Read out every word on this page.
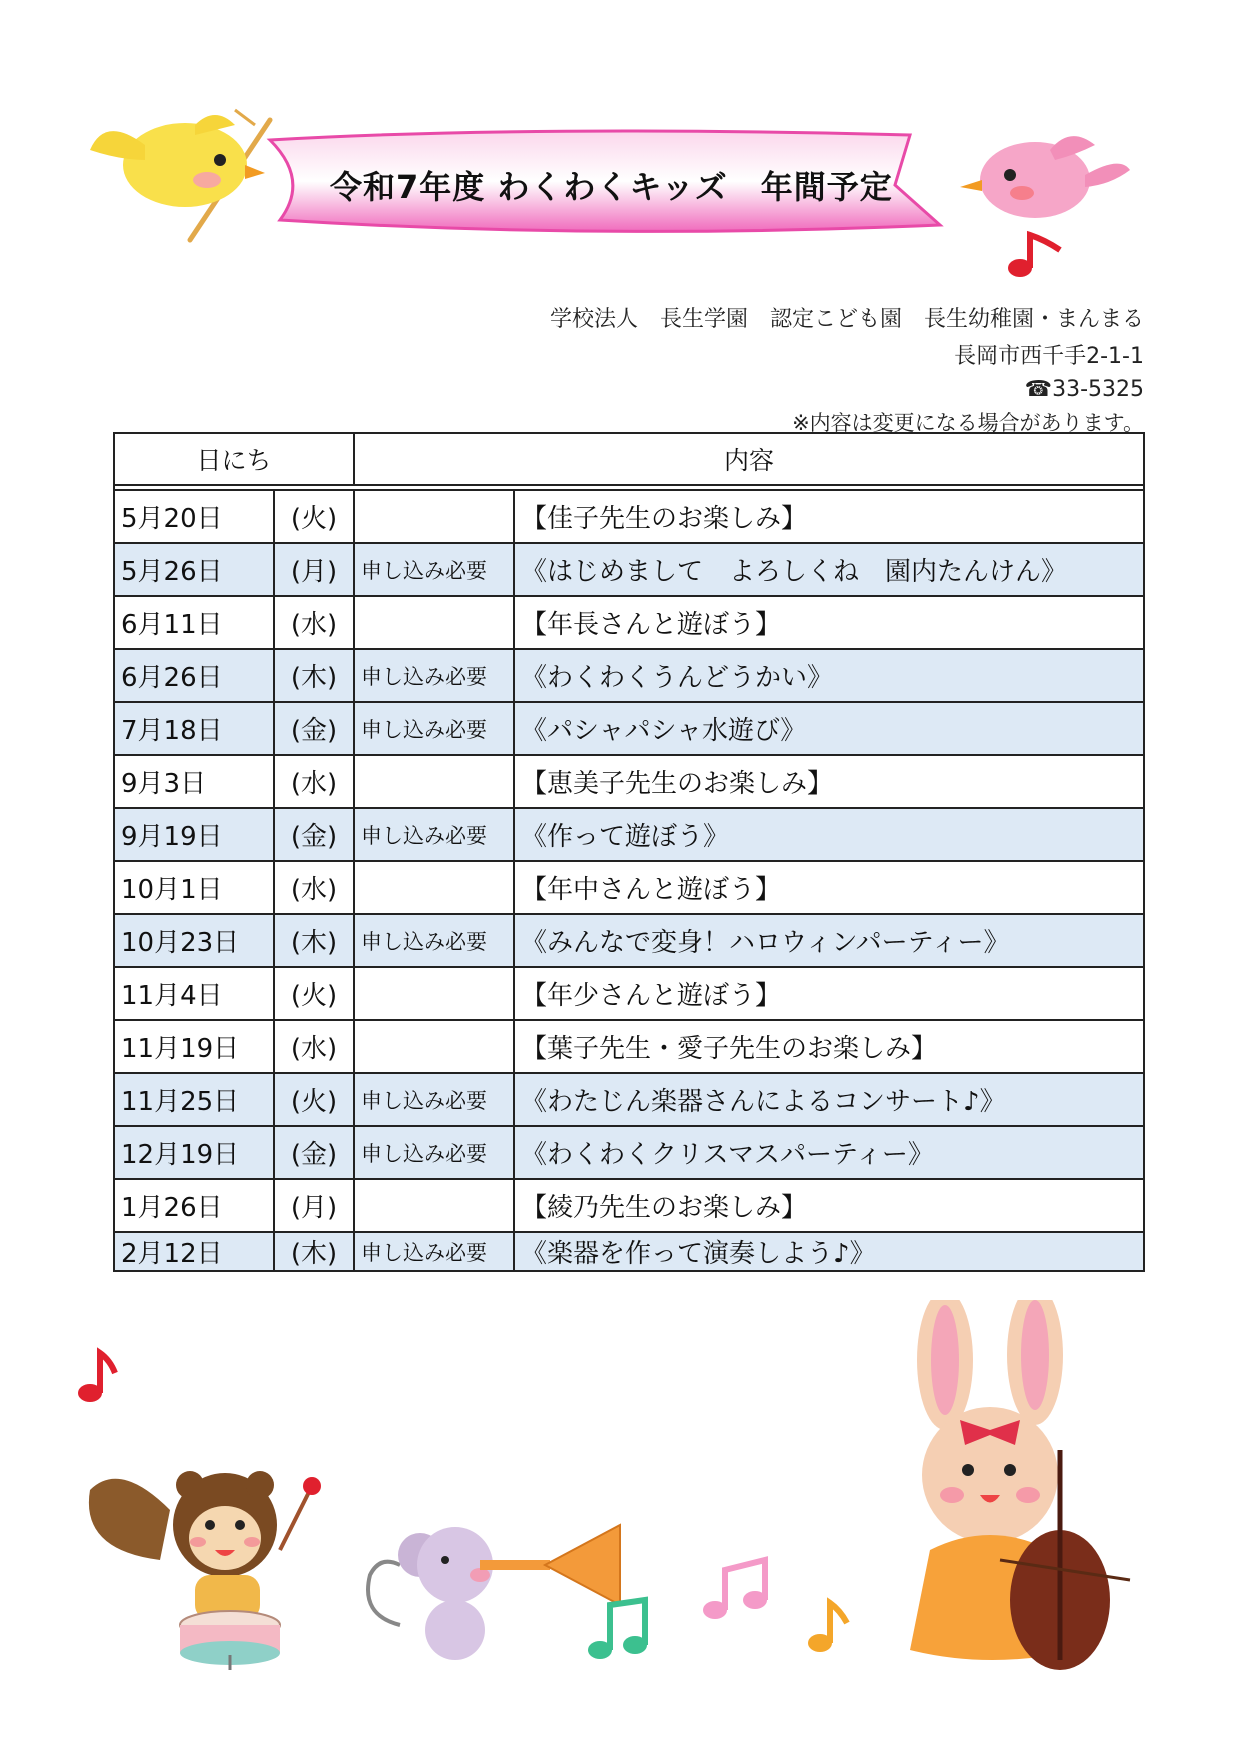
令和7年度 わくわくキッズ　年間予定
学校法人　長生学園　認定こども園　長生幼稚園・まんまる
長岡市西千手2-1-1
☎33-5325
※内容は変更になる場合があります。
日にち		内容	

5月20日	(火)		【佳子先生のお楽しみ】
5月26日	(月)	申し込み必要	《はじめまして　よろしくね　園内たんけん》
6月11日	(水)		【年長さんと遊ぼう】
6月26日	(木)	申し込み必要	《わくわくうんどうかい》
7月18日	(金)	申し込み必要	《パシャパシャ水遊び》
9月3日	(水)		【恵美子先生のお楽しみ】
9月19日	(金)	申し込み必要	《作って遊ぼう》
10月1日	(水)		【年中さんと遊ぼう】
10月23日	(木)	申し込み必要	《みんなで変身！ハロウィンパーティー》
11月4日	(火)		【年少さんと遊ぼう】
11月19日	(水)		【葉子先生・愛子先生のお楽しみ】
11月25日	(火)	申し込み必要	《わたじん楽器さんによるコンサート♪》
12月19日	(金)	申し込み必要	《わくわくクリスマスパーティー》
1月26日	(月)		【綾乃先生のお楽しみ】
2月12日	(木)	申し込み必要	《楽器を作って演奏しよう♪》
